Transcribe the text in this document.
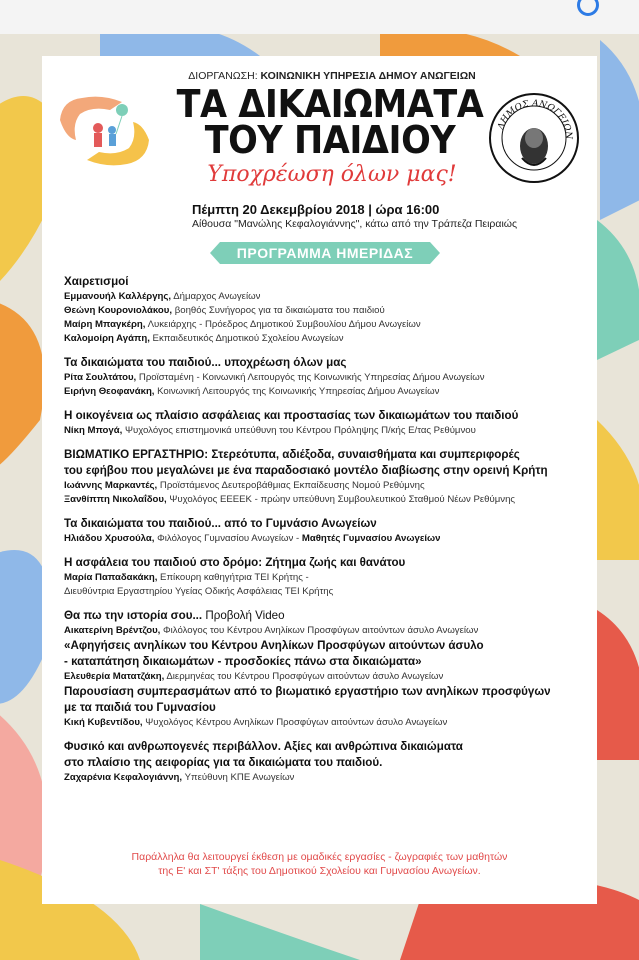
ΔΙΟΡΓΑΝΩΣΗ: ΚΟΙΝΩΝΙΚΗ ΥΠΗΡΕΣΙΑ ΔΗΜΟΥ ΑΝΩΓΕΙΩΝ
ΤΑ ΔΙΚΑΙΩΜΑΤΑ
ΤΟΥ ΠΑΙΔΙΟΥ
Υποχρέωση όλων μας!
ΔΗΜΟΣ ΑΝΩΓΕΙΩΝ
Πέμπτη 20 Δεκεμβρίου 2018 | ώρα 16:00
Αίθουσα "Μανώλης Κεφαλογιάννης", κάτω από την Τράπεζα Πειραιώς
ΠΡΟΓΡΑΜΜΑ ΗΜΕΡΙΔΑΣ
Χαιρετισμοί
Εμμανουήλ Καλλέργης, Δήμαρχος Ανωγείων
Θεώνη Κουρονιολάκου, βοηθός Συνήγορος για τα δικαιώματα του παιδιού
Μαίρη Μπαγκέρη, Λυκειάρχης - Πρόεδρος Δημοτικού Συμβουλίου Δήμου Ανωγείων
Καλομοίρη Αγάπη, Εκπαιδευτικός Δημοτικού Σχολείου Ανωγείων
Τα δικαιώματα του παιδιού... υποχρέωση όλων μας
Ρίτα Σουλτάτου, Προϊσταμένη - Κοινωνική Λειτουργός της Κοινωνικής Υπηρεσίας Δήμου Ανωγείων
Ειρήνη Θεοφανάκη, Κοινωνική Λειτουργός της Κοινωνικής Υπηρεσίας Δήμου Ανωγείων
Η οικογένεια ως πλαίσιο ασφάλειας και προστασίας των δικαιωμάτων του παιδιού
Νίκη Μπογά, Ψυχολόγος επιστημονικά υπεύθυνη του Κέντρου Πρόληψης Π/κής Ε/τας Ρεθύμνου
ΒΙΩΜΑΤΙΚΟ ΕΡΓΑΣΤΗΡΙΟ: Στερεότυπα, αδιέξοδα, συναισθήματα και συμπεριφορές
του εφήβου που μεγαλώνει με ένα παραδοσιακό μοντέλο διαβίωσης στην ορεινή Κρήτη
Ιωάννης Μαρκαντές, Προϊστάμενος Δευτεροβάθμιας Εκπαίδευσης Νομού Ρεθύμνης
Ξανθίππη Νικολαΐδου, Ψυχολόγος ΕΕΕΕΚ - πρώην υπεύθυνη Συμβουλευτικού Σταθμού Νέων Ρεθύμνης
Τα δικαιώματα του παιδιού... από το Γυμνάσιο Ανωγείων
Ηλιάδου Χρυσούλα, Φιλόλογος Γυμνασίου Ανωγείων - Μαθητές Γυμνασίου Ανωγείων
Η ασφάλεια του παιδιού στο δρόμο: Ζήτημα ζωής και θανάτου
Μαρία Παπαδακάκη, Επίκουρη καθηγήτρια ΤΕΙ Κρήτης -
Διευθύντρια Εργαστηρίου Υγείας Οδικής Ασφάλειας ΤΕΙ Κρήτης
Θα πω την ιστορία σου... Προβολή Video
Αικατερίνη Βρέντζου, Φιλόλογος του Κέντρου Ανηλίκων Προσφύγων αιτούντων άσυλο Ανωγείων
«Αφηγήσεις ανηλίκων του Κέντρου Ανηλίκων Προσφύγων αιτούντων άσυλο
- καταπάτηση δικαιωμάτων - προσδοκίες πάνω στα δικαιώματα»
Ελευθερία Ματατζάκη, Διερμηνέας του Κέντρου Προσφύγων αιτούντων άσυλο Ανωγείων
Παρουσίαση συμπερασμάτων από το βιωματικό εργαστήριο των ανηλίκων προσφύγων
με τα παιδιά του Γυμνασίου
Κική Κυβεντίδου, Ψυχολόγος Κέντρου Ανηλίκων Προσφύγων αιτούντων άσυλο Ανωγείων
Φυσικό και ανθρωπογενές περιβάλλον. Αξίες και ανθρώπινα δικαιώματα
στο πλαίσιο της αειφορίας για τα δικαιώματα του παιδιού.
Ζαχαρένια Κεφαλογιάννη, Υπεύθυνη ΚΠΕ Ανωγείων
Παράλληλα θα λειτουργεί έκθεση με ομαδικές εργασίες - ζωγραφιές των μαθητών
της Ε' και ΣΤ' τάξης του Δημοτικού Σχολείου και Γυμνασίου Ανωγείων.
